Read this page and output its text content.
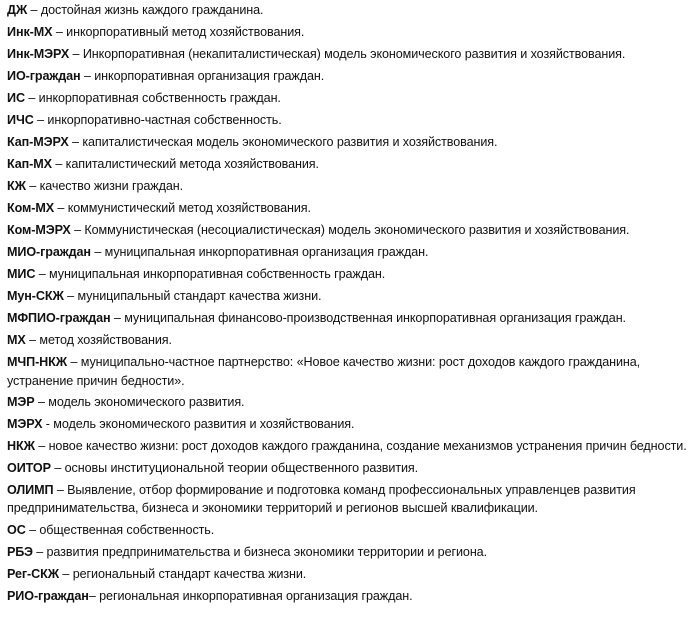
ДЖ – достойная жизнь каждого гражданина.

Инк-МХ – инкорпоративный метод хозяйствования.

Инк-МЭРХ – Инкорпоративная (некапиталистическая) модель экономического развития и хозяйствования.

ИО-граждан – инкорпоративная организация граждан.

ИС – инкорпоративная собственность граждан.

ИЧС – инкорпоративно-частная собственность.

Кап-МЭРХ – капиталистическая модель экономического развития и хозяйствования.

Кап-МХ – капиталистический метода хозяйствования.

КЖ – качество жизни граждан.

Ком-МХ – коммунистический метод хозяйствования.

Ком-МЭРХ – Коммунистическая (несоциалистическая) модель экономического развития и хозяйствования.

МИО-граждан – муниципальная инкорпоративная организация граждан.

МИС – муниципальная инкорпоративная собственность граждан.

Мун-СКЖ – муниципальный стандарт качества жизни.

МФПИО-граждан – муниципальная финансово-производственная инкорпоративная организация граждан.

МХ – метод хозяйствования.

МЧП-НКЖ – муниципально-частное партнерство: «Новое качество жизни: рост доходов каждого гражданина, устранение причин бедности».

МЭР – модель экономического развития.

МЭРХ - модель экономического развития и хозяйствования.

НКЖ – новое качество жизни: рост доходов каждого гражданина, создание механизмов устранения причин бедности.

ОИТОР – основы институциональной теории общественного развития.

ОЛИМП – Выявление, отбор формирование и подготовка команд профессиональных управленцев развития предпринимательства, бизнеса и экономики территорий и регионов высшей квалификации.

ОС – общественная собственность.

РБЭ – развития предпринимательства и бизнеса экономики территории и региона.

Рег-СКЖ – региональный стандарт качества жизни.

РИО-граждан– региональная инкорпоративная организация граждан.
